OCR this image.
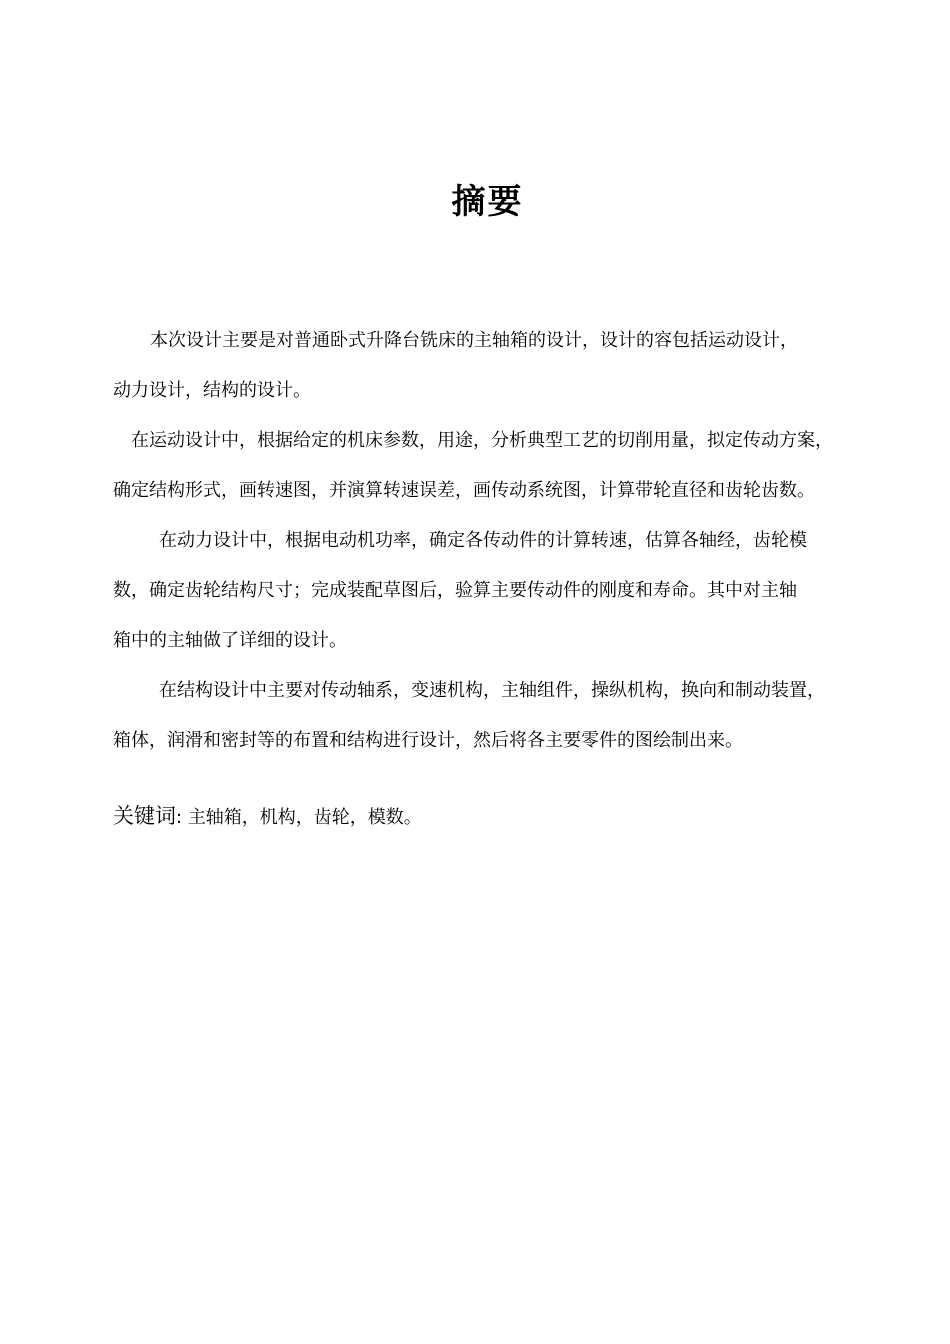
摘要
本次设计主要是对普通卧式升降台铣床的主轴箱的设计，设计的容包括运动设计，
动力设计，结构的设计。
在运动设计中，根据给定的机床参数，用途，分析典型工艺的切削用量，拟定传动方案，
确定结构形式，画转速图，并演算转速误差，画传动系统图，计算带轮直径和齿轮齿数。
在动力设计中，根据电动机功率，确定各传动件的计算转速，估算各轴经，齿轮模
数，确定齿轮结构尺寸；完成装配草图后，验算主要传动件的刚度和寿命。其中对主轴
箱中的主轴做了详细的设计。
在结构设计中主要对传动轴系，变速机构，主轴组件，操纵机构，换向和制动装置，
箱体，润滑和密封等的布置和结构进行设计，然后将各主要零件的图绘制出来。
关键词: 主轴箱，机构，齿轮，模数。
